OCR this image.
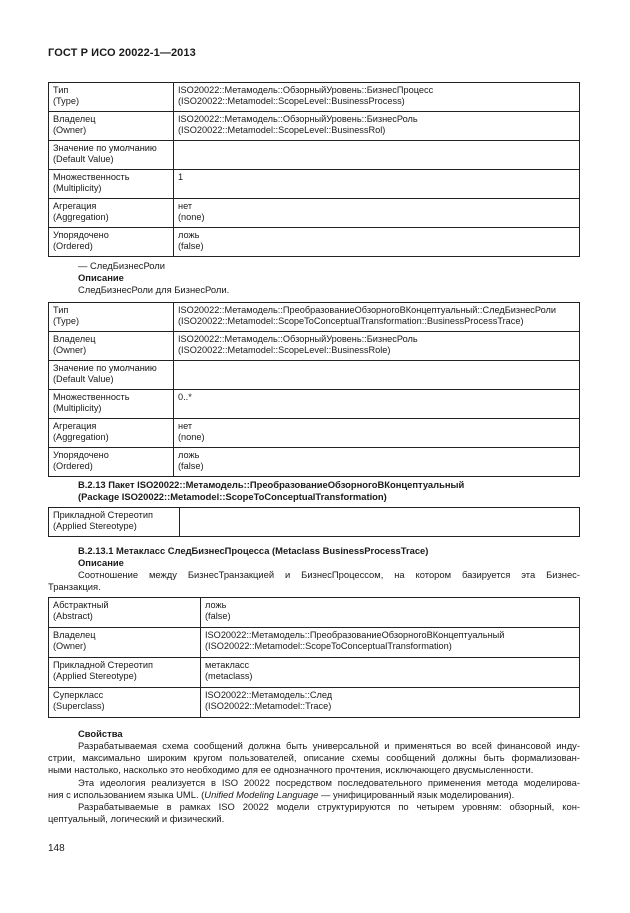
ГОСТ Р ИСО 20022-1—2013
Тип
(Type)	ISO20022::Метамодель::ОбзорныйУровень::БизнесПроцесс
(ISO20022::Metamodel::ScopeLevel::BusinessProcess)

Владелец
(Owner)	ISO20022::Метамодель::ОбзорныйУровень::БизнесРоль
(ISO20022::Metamodel::ScopeLevel::BusinessRol)

Значение по умолчанию
(Default Value)	

Множественность
(Multiplicity)	1

Агрегация
(Aggregation)	нет
(none)

Упорядочено
(Ordered)	ложь
(false)
— СледБизнесРоли
Описание
СледБизнесРоли для БизнесРоли.
Тип
(Type)	ISO20022::Метамодель::ПреобразованиеОбзорногоВКонцептуальный::СледБизнесРоли
(ISO20022::Metamodel::ScopeToConceptualTransformation::BusinessProcessTrace)

Владелец
(Owner)	ISO20022::Метамодель::ОбзорныйУровень::БизнесРоль
(ISO20022::Metamodel::ScopeLevel::BusinessRole)

Значение по умолчанию
(Default Value)	

Множественность
(Multiplicity)	0..*

Агрегация
(Aggregation)	нет
(none)

Упорядочено
(Ordered)	ложь
(false)
В.2.13 Пакет ISO20022::Метамодель::ПреобразованиеОбзорногоВКонцептуальный
(Package ISO20022::Metamodel::ScopeToConceptualTransformation)
Прикладной Стереотип
(Applied Stereotype)

В.2.13.1 Метакласс СледБизнесПроцесса (Metaclass BusinessProcessTrace)
Описание
Соотношение между БизнесТранзакцией и БизнесПроцессом, на котором базируется эта Бизнес-
Транзакция.
Абстрактный
(Abstract)	ложь
(false)

Владелец
(Owner)	ISO20022::Метамодель::ПреобразованиеОбзорногоВКонцептуальный
(ISO20022::Metamodel::ScopeToConceptualTransformation)

Прикладной Стереотип
(Applied Stereotype)	метакласс
(metaclass)

Суперкласс
(Superclass)	ISO20022::Метамодель::След
(ISO20022::Metamodel::Trace)
Свойства
Разрабатываемая схема сообщений должна быть универсальной и применяться во всей финансовой инду-
стрии, максимально широким кругом пользователей, описание схемы сообщений должны быть формализован-
ными настолько, насколько это необходимо для ее однозначного прочтения, исключающего двусмысленности.
Эта идеология реализуется в ISO 20022 посредством последовательного применения метода моделирова-
ния с использованием языка UML. (Unified Modeling Language — унифицированный язык моделирования).
Разрабатываемые в рамках ISO 20022 модели структурируются по четырем уровням: обзорный, кон-
цептуальный, логический и физический.
148
